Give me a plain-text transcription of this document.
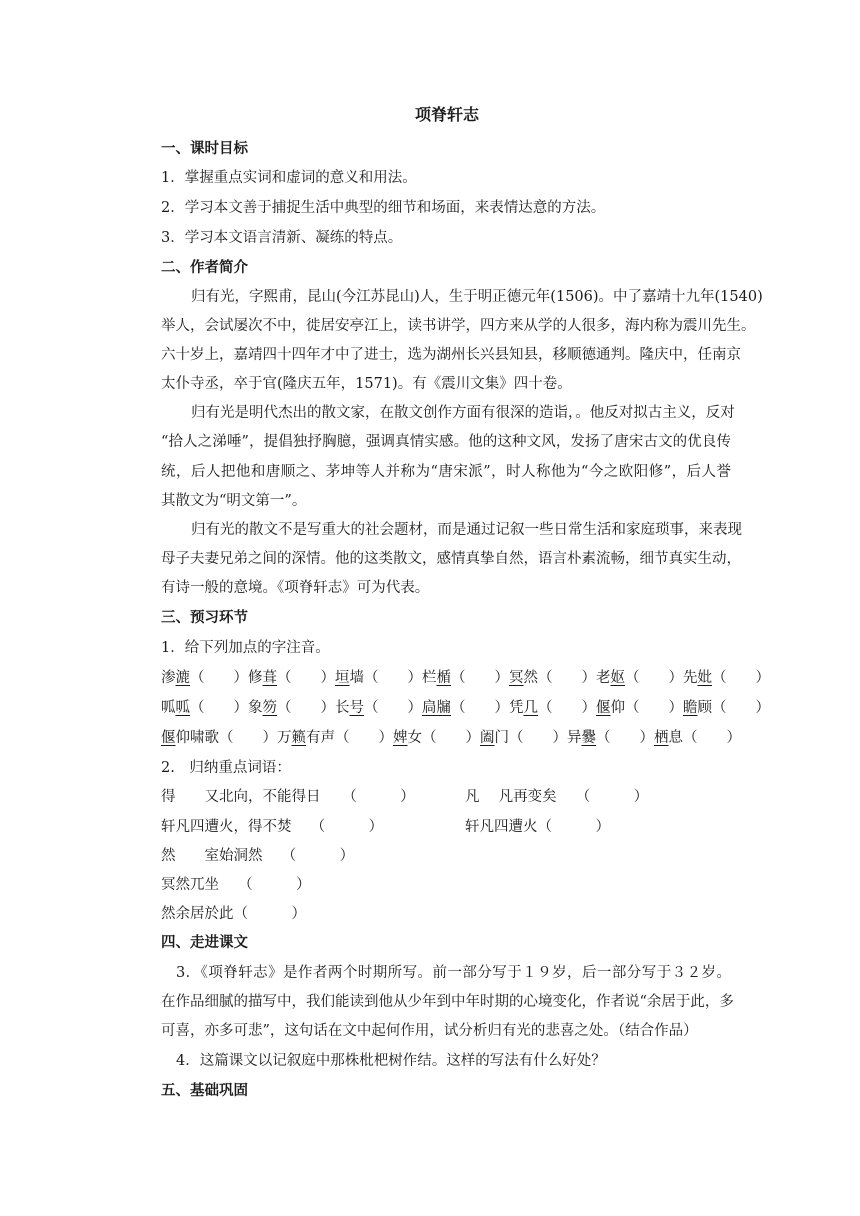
项脊轩志
一、课时目标
1．掌握重点实词和虚词的意义和用法。
2．学习本文善于捕捉生活中典型的细节和场面，来表情达意的方法。
3．学习本文语言清新、凝练的特点。
二、作者简介
归有光，字熙甫，昆山(今江苏昆山)人，生于明正德元年(1506)。中了嘉靖十九年(1540)
举人，会试屡次不中，徙居安亭江上，读书讲学，四方来从学的人很多，海内称为震川先生。
六十岁上，嘉靖四十四年才中了进士，选为湖州长兴县知县，移顺德通判。隆庆中，任南京
太仆寺丞，卒于官(隆庆五年，1571)。有《震川文集》四十卷。
归有光是明代杰出的散文家，在散文创作方面有很深的造诣，。他反对拟古主义，反对
“拾人之涕唾”，提倡独抒胸臆，强调真情实感。他的这种文风，发扬了唐宋古文的优良传
统，后人把他和唐顺之、茅坤等人并称为“唐宋派”，时人称他为“今之欧阳修”，后人誉
其散文为“明文第一”。
归有光的散文不是写重大的社会题材，而是通过记叙一些日常生活和家庭琐事，来表现
母子夫妻兄弟之间的深情。他的这类散文，感情真挚自然，语言朴素流畅，细节真实生动，
有诗一般的意境。《项脊轩志》可为代表。
三、预习环节
1．给下列加点的字注音。
渗漉（　　） 修葺（　　） 垣墙（　　） 栏楯（　　） 冥然（　　） 老妪（　　） 先妣（　　）
呱呱（　　） 象笏（　　） 长号（　　） 扃牖（　　） 凭几（　　） 偃仰（　　） 瞻顾（　　）
偃仰啸歌（　　） 万籁有声（　　） 婢女（　　） 阖门（　　） 异爨（　　） 栖息（　　）
2.　归纳重点词语：
得　　又北向，不能得日　　（　　　）	凡　 凡再变矣　 （　　　）
轩凡四遭火，得不焚　 （　　　）	轩凡四遭火（　　　）
然　　室始洞然　 （　　　）
冥然兀坐　 （　　　）
然余居於此（　　　）
四、走进课文
3．《项脊轩志》是作者两个时期所写。前一部分写于１９岁，后一部分写于３２岁。
在作品细腻的描写中，我们能读到他从少年到中年时期的心境变化，作者说“余居于此，多
可喜，亦多可悲”，这句话在文中起何作用，试分析归有光的悲喜之处。（结合作品）
4．这篇课文以记叙庭中那株枇杷树作结。这样的写法有什么好处？
五、基础巩固
